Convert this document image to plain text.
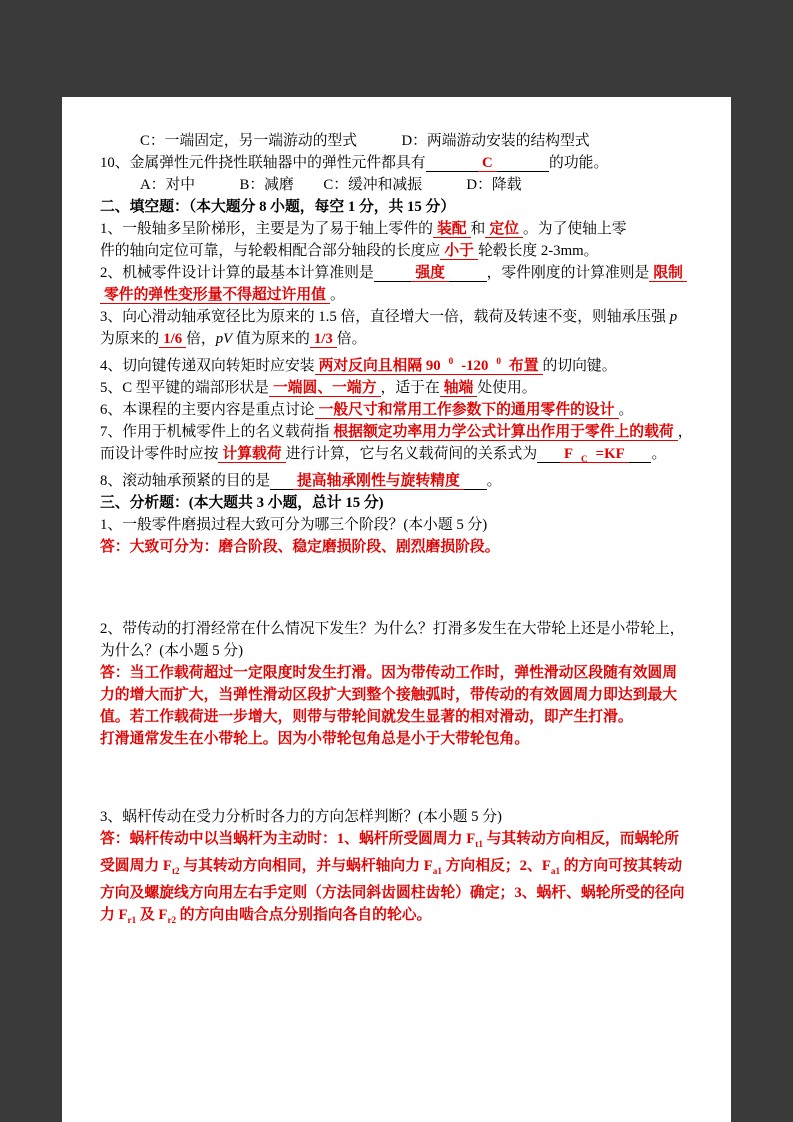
C：一端固定，另一端游动的型式　　　	D：两端游动安装的结构型式
10、金属弹性元件挠性联轴器中的弹性元件都具有　　　	C　　　	的功能。
A：对中　　　	B：减磨　　 C：缓冲和减振　　　	D：降载
二、填空题：（本大题分 8 小题，每空 1 分，共 15 分）
1、一般轴多呈阶梯形，主要是为了易于轴上零件的 装配 和 定位 。为了使轴上零
件的轴向定位可靠，与轮毂相配合部分轴段的长度应 小于 轮毂长度 2-3mm。
2、机械零件设计计算的最基本计算准则是　　	强度　　	，零件刚度的计算准则是 限制
零件的弹性变形量不得超过许用值 。
3、向心滑动轴承宽径比为原来的 1.5 倍，直径增大一倍，载荷及转速不变，则轴承压强 p
为原来的 1/6 倍，pV 值为原来的 1/3 倍。
4、切向键传递双向转矩时应安装 两对反向且相隔 90 $^0$ -120 $^0$ 布置 的切向键。
5、C 型平键的端部形状是 一端圆、一端方 ，适于在 轴端 处使用。
6、本课程的主要内容是重点讨论 一般尺寸和常用工作参数下的通用零件的设计 。
7、作用于机械零件上的名义载荷指 根据额定功率用力学公式计算出作用于零件上的载荷 ，
而设计零件时应按 计算载荷 进行计算，它与名义载荷间的关系式为　 F $_C$ =KF　 。
8、滚动轴承预紧的目的是　 提高轴承刚性与旋转精度　 。
三、分析题：(本大题共 3 小题，总计 15 分)
1、一般零件磨损过程大致可分为哪三个阶段？(本小题 5 分)
答：大致可分为：磨合阶段、稳定磨损阶段、剧烈磨损阶段。
2、带传动的打滑经常在什么情况下发生？为什么？打滑多发生在大带轮上还是小带轮上，
为什么？(本小题 5 分)
答：当工作载荷超过一定限度时发生打滑。因为带传动工作时，弹性滑动区段随有效圆周
力的增大而扩大，当弹性滑动区段扩大到整个接触弧时，带传动的有效圆周力即达到最大
值。若工作载荷进一步增大，则带与带轮间就发生显著的相对滑动，即产生打滑。
打滑通常发生在小带轮上。因为小带轮包角总是小于大带轮包角。
3、蜗杆传动在受力分析时各力的方向怎样判断？(本小题 5 分)
答：蜗杆传动中以当蜗杆为主动时：1、蜗杆所受圆周力 $F_{t1}$ 与其转动方向相反，而蜗轮所
受圆周力 $F_{t2}$ 与其转动方向相同，并与蜗杆轴向力 $F_{a1}$ 方向相反；2、$F_{a1}$ 的方向可按其转动
方向及螺旋线方向用左右手定则（方法同斜齿圆柱齿轮）确定；3、蜗杆、蜗轮所受的径向
力 $F_{r1}$ 及 $F_{r2}$ 的方向由啮合点分别指向各自的轮心。
